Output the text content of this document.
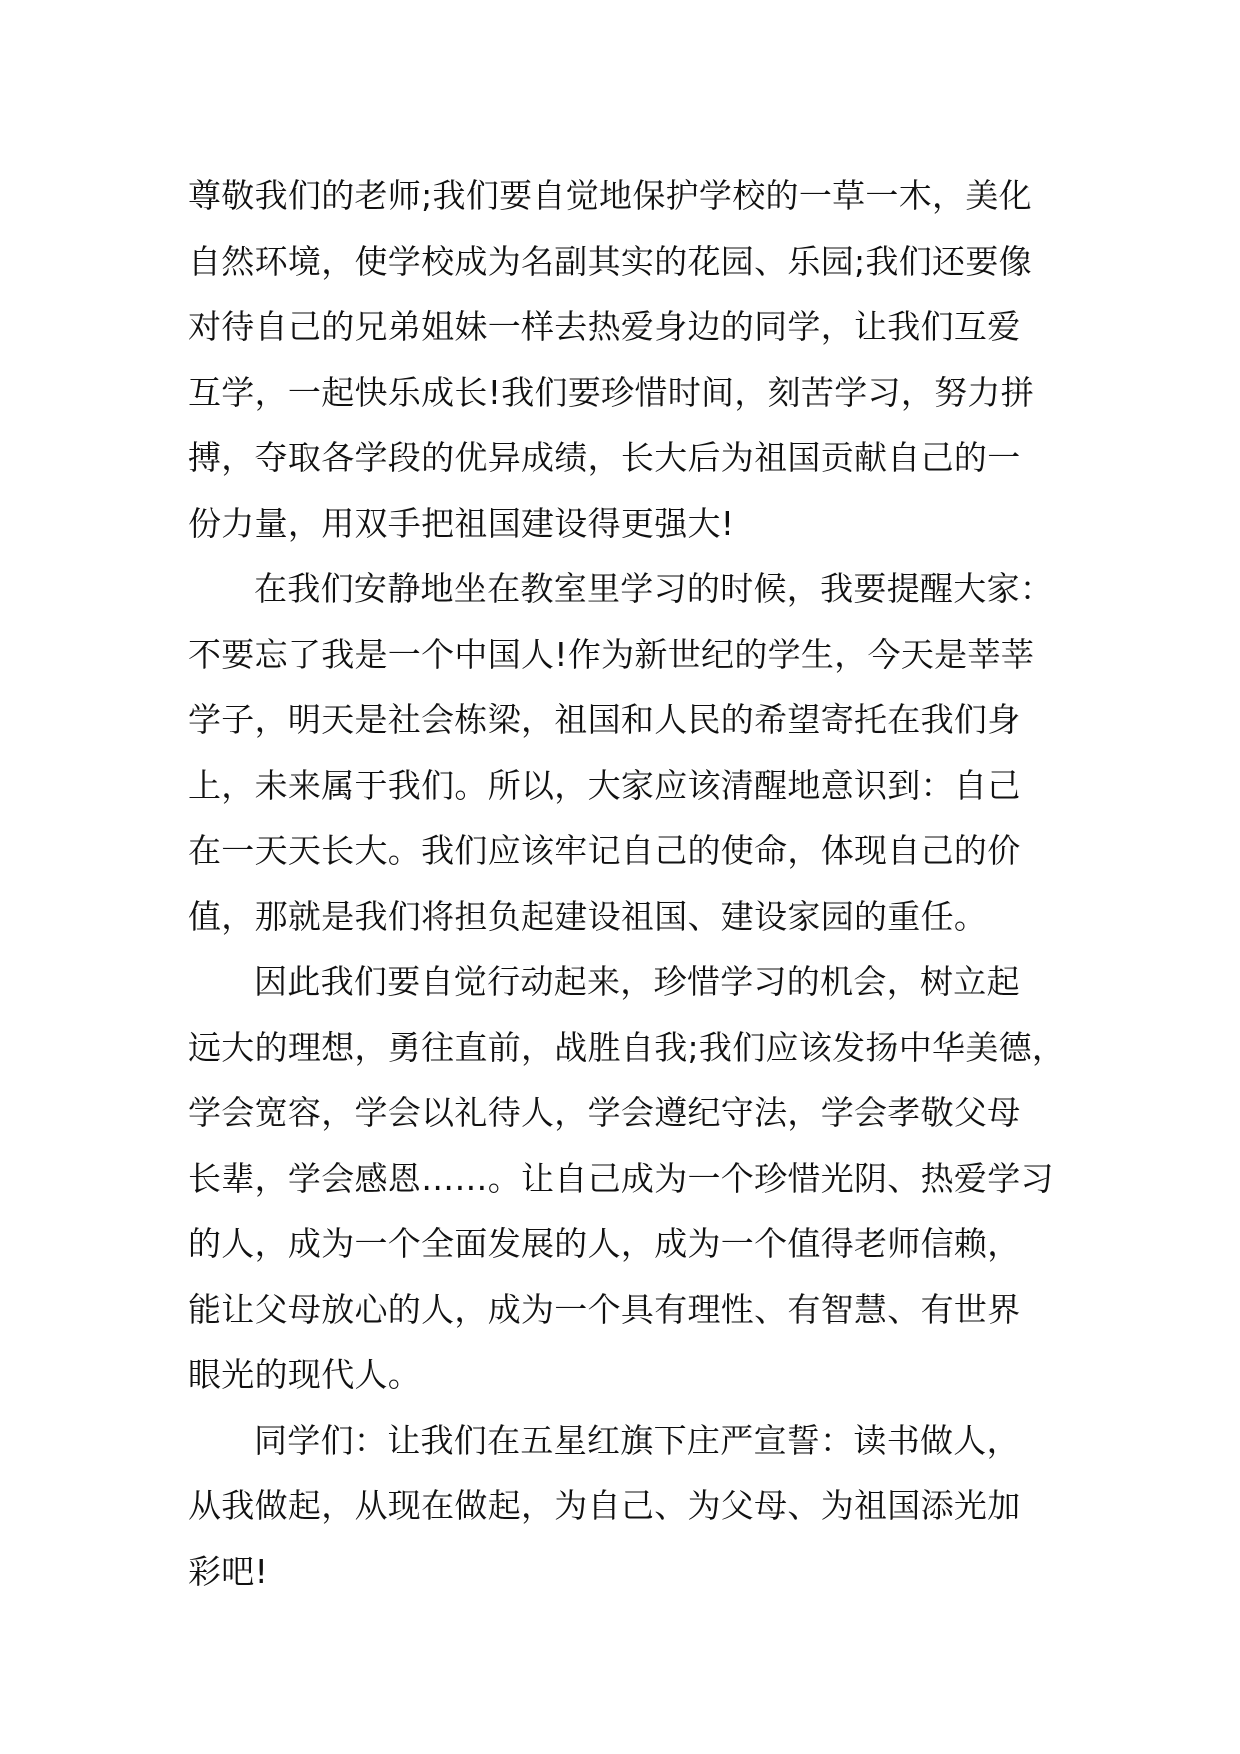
尊敬我们的老师;我们要自觉地保护学校的一草一木，美化
自然环境，使学校成为名副其实的花园、乐园;我们还要像
对待自己的兄弟姐妹一样去热爱身边的同学，让我们互爱
互学，一起快乐成长!我们要珍惜时间，刻苦学习，努力拼
搏，夺取各学段的优异成绩，长大后为祖国贡献自己的一
份力量，用双手把祖国建设得更强大!
在我们安静地坐在教室里学习的时候，我要提醒大家：
不要忘了我是一个中国人!作为新世纪的学生，今天是莘莘
学子，明天是社会栋梁，祖国和人民的希望寄托在我们身
上，未来属于我们。所以，大家应该清醒地意识到：自己
在一天天长大。我们应该牢记自己的使命，体现自己的价
值，那就是我们将担负起建设祖国、建设家园的重任。
因此我们要自觉行动起来，珍惜学习的机会，树立起
远大的理想，勇往直前，战胜自我;我们应该发扬中华美德，
学会宽容，学会以礼待人，学会遵纪守法，学会孝敬父母
长辈，学会感恩……。让自己成为一个珍惜光阴、热爱学习
的人，成为一个全面发展的人，成为一个值得老师信赖，
能让父母放心的人，成为一个具有理性、有智慧、有世界
眼光的现代人。
同学们：让我们在五星红旗下庄严宣誓：读书做人，
从我做起，从现在做起，为自己、为父母、为祖国添光加
彩吧!
